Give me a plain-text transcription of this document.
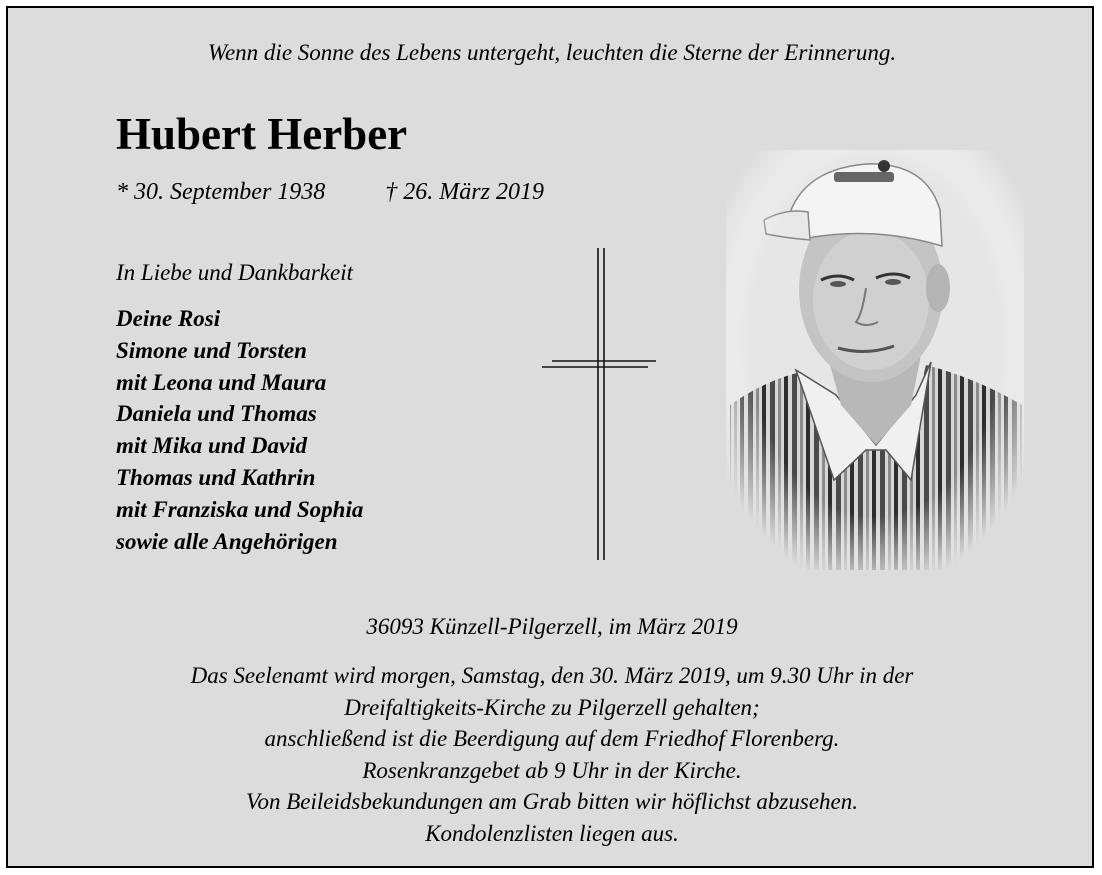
Wenn die Sonne des Lebens untergeht, leuchten die Sterne der Erinnerung.
Hubert Herber
* 30. September 1938	† 26. März 2019
In Liebe und Dankbarkeit
Deine Rosi
Simone und Torsten
mit Leona und Maura
Daniela und Thomas
mit Mika und David
Thomas und Kathrin
mit Franziska und Sophia
sowie alle Angehörigen
36093 Künzell-Pilgerzell, im März 2019
Das Seelenamt wird morgen, Samstag, den 30. März 2019, um 9.30 Uhr in der
Dreifaltigkeits-Kirche zu Pilgerzell gehalten;
anschließend ist die Beerdigung auf dem Friedhof Florenberg.
Rosenkranzgebet ab 9 Uhr in der Kirche.
Von Beileidsbekundungen am Grab bitten wir höflichst abzusehen.
Kondolenzlisten liegen aus.
